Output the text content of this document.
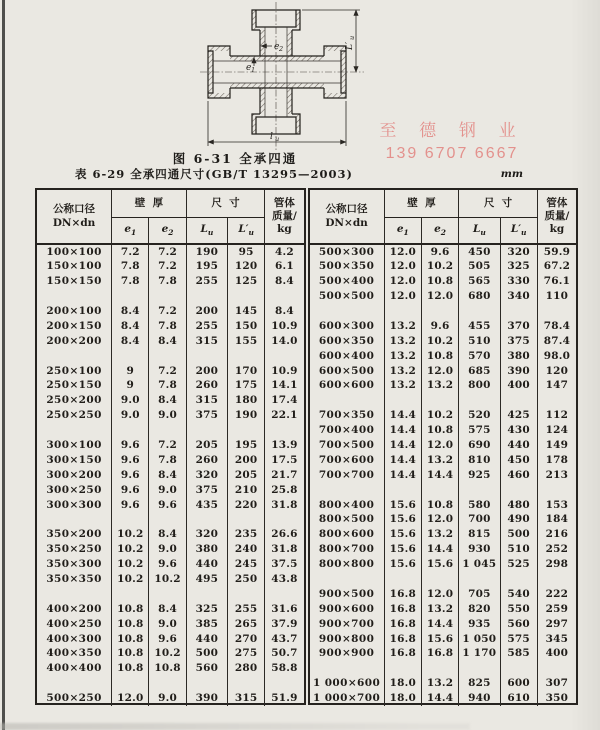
l u
L′
u
e 2
e 1
至 德 钢 业
139 6707 6667
图 6-31 全承四通
表 6-29 全承四通尺寸(GB/T 13295—2003)	mm
公称口径
DN×dn	壁厚		尺寸		管体
质量/
kg

	$e_1$	$e_2$	$L_u$	$L'_u$
100×100	7.2	7.2	190	95	4.2
150×100	7.8	7.2	195	120	6.1
150×150	7.8	7.8	255	125	8.4

200×100	8.4	7.2	200	145	8.4
200×150	8.4	7.8	255	150	10.9
200×200	8.4	8.4	315	155	14.0

250×100	9	7.2	200	170	10.9
250×150	9	7.8	260	175	14.1
250×200	9.0	8.4	315	180	17.4
250×250	9.0	9.0	375	190	22.1

300×100	9.6	7.2	205	195	13.9
300×150	9.6	7.8	260	200	17.5
300×200	9.6	8.4	320	205	21.7
300×250	9.6	9.0	375	210	25.8
300×300	9.6	9.6	435	220	31.8

350×200	10.2	8.4	320	235	26.6
350×250	10.2	9.0	380	240	31.8
350×300	10.2	9.6	440	245	37.5
350×350	10.2	10.2	495	250	43.8

400×200	10.8	8.4	325	255	31.6
400×250	10.8	9.0	385	265	37.9
400×300	10.8	9.6	440	270	43.7
400×350	10.8	10.2	500	275	50.7
400×400	10.8	10.8	560	280	58.8

500×250	12.0	9.0	390	315	51.9
公称口径
DN×dn	壁厚		尺寸		管体
质量/
kg

	$e_1$	$e_2$	$L_u$	$L'_u$
500×300	12.0	9.6	450	320	59.9
500×350	12.0	10.2	505	325	67.2
500×400	12.0	10.8	565	330	76.1
500×500	12.0	12.0	680	340	110

600×300	13.2	9.6	455	370	78.4
600×350	13.2	10.2	510	375	87.4
600×400	13.2	10.8	570	380	98.0
600×500	13.2	12.0	685	390	120
600×600	13.2	13.2	800	400	147

700×350	14.4	10.2	520	425	112
700×400	14.4	10.8	575	430	124
700×500	14.4	12.0	690	440	149
700×600	14.4	13.2	810	450	178
700×700	14.4	14.4	925	460	213

800×400	15.6	10.8	580	480	153
800×500	15.6	12.0	700	490	184
800×600	15.6	13.2	815	500	216
800×700	15.6	14.4	930	510	252
800×800	15.6	15.6	1 045	525	298

900×500	16.8	12.0	705	540	222
900×600	16.8	13.2	820	550	259
900×700	16.8	14.4	935	560	297
900×800	16.8	15.6	1 050	575	345
900×900	16.8	16.8	1 170	585	400

1 000×600	18.0	13.2	825	600	307
1 000×700	18.0	14.4	940	610	350
